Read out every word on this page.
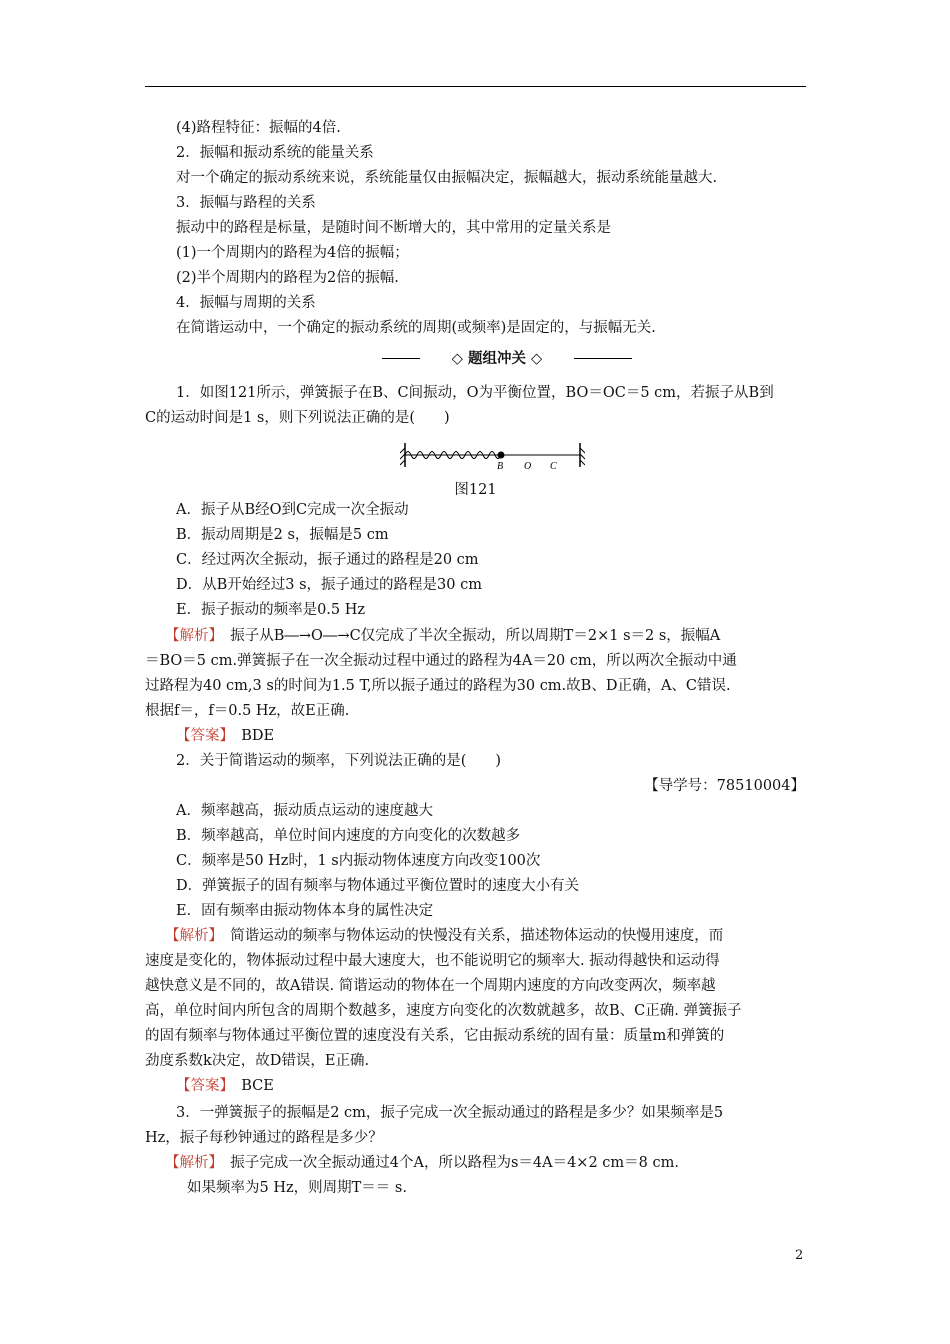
(4)路程特征：振幅的4倍.
2．振幅和振动系统的能量关系
对一个确定的振动系统来说，系统能量仅由振幅决定，振幅越大，振动系统能量越大.
3．振幅与路程的关系
振动中的路程是标量，是随时间不断增大的，其中常用的定量关系是
(1)一个周期内的路程为4倍的振幅；
(2)半个周期内的路程为2倍的振幅.
4．振幅与周期的关系
在简谐运动中，一个确定的振动系统的周期(或频率)是固定的，与振幅无关.
◇ 题组冲关 ◇
1．如图121所示，弹簧振子在B、C间振动，O为平衡位置，BO＝OC＝5 cm，若振子从B到
C的运动时间是1 s，则下列说法正确的是(　　)
B O C
图121
A．振子从B经O到C完成一次全振动
B．振动周期是2 s，振幅是5 cm
C．经过两次全振动，振子通过的路程是20 cm
D．从B开始经过3 s，振子通过的路程是30 cm
E．振子振动的频率是0.5 Hz
【解析】　 振子从B―→O―→C仅完成了半次全振动，所以周期T＝2×1 s＝2 s，振幅A
＝BO＝5 cm.弹簧振子在一次全振动过程中通过的路程为4A＝20 cm，所以两次全振动中通
过路程为40 cm,3 s的时间为1.5 T,所以振子通过的路程为30 cm.故B、D正确，A、C错误.
根据f＝，f＝0.5 Hz，故E正确.
【答案】　 BDE
2．关于简谐运动的频率，下列说法正确的是(　　)
【导学号：78510004】
A．频率越高，振动质点运动的速度越大
B．频率越高，单位时间内速度的方向变化的次数越多
C．频率是50 Hz时，1 s内振动物体速度方向改变100次
D．弹簧振子的固有频率与物体通过平衡位置时的速度大小有关
E．固有频率由振动物体本身的属性决定
【解析】　 简谐运动的频率与物体运动的快慢没有关系，描述物体运动的快慢用速度，而
速度是变化的，物体振动过程中最大速度大，也不能说明它的频率大. 振动得越快和运动得
越快意义是不同的，故A错误. 简谐运动的物体在一个周期内速度的方向改变两次，频率越
高，单位时间内所包含的周期个数越多，速度方向变化的次数就越多，故B、C正确. 弹簧振子
的固有频率与物体通过平衡位置的速度没有关系，它由振动系统的固有量：质量m和弹簧的
劲度系数k决定，故D错误，E正确.
【答案】　 BCE
3．一弹簧振子的振幅是2 cm，振子完成一次全振动通过的路程是多少？如果频率是5
Hz，振子每秒钟通过的路程是多少？
【解析】　 振子完成一次全振动通过4个A，所以路程为s＝4A＝4×2 cm＝8 cm.
如果频率为5 Hz，则周期T＝＝ s.
2
